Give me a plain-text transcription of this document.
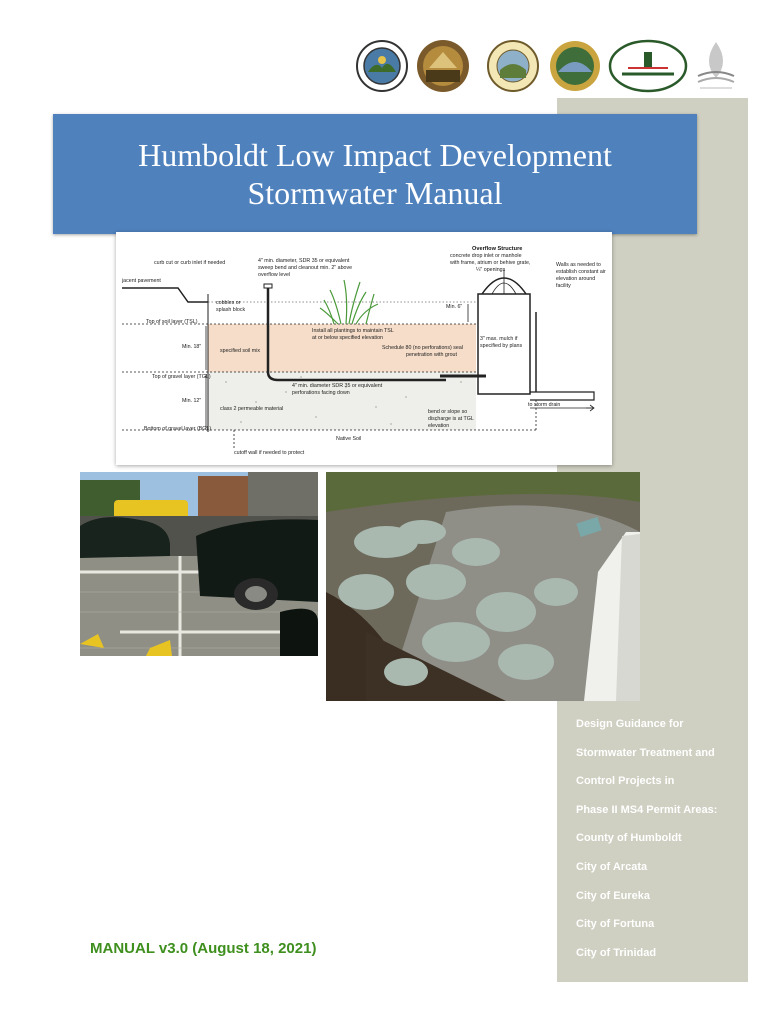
Humboldt Low Impact Development
Stormwater Manual
curb cut or curb inlet if needed	4" min. diameter, SDR 35 or equivalent
sweep bend and cleanout min. 2" above
overflow level
Overflow Structure
concrete drop inlet or manhole
with frame, atrium or behive grate,
¼" openings
Walls as needed to
establish constant air
elevation around
facility
jacent pavement
cobbles or
splash block	Min. 6"
Top of soil layer (TSL)
Install all plantings to maintain TSL
at or below specified elevation	3" max. mulch if
specified by plans
Min. 18"
specified soil mix	Schedule 80 (no perforations) seal
penetration with grout
Top of gravel layer (TGL)
4" min. diameter SDR 35 or equivalent
perforations facing down
Min. 12"
class 2 permeable material	bend or slope so
discharge is at TGL
elevation
to storm drain
Bottom of gravel layer (BGL)
Native Soil
cutoff wall if needed to protect
Design Guidance for
Stormwater Treatment and
Control Projects in
Phase II MS4 Permit Areas:
County of Humboldt
City of Arcata
City of Eureka
City of Fortuna
City of Trinidad
MANUAL v3.0 (August 18, 2021)
